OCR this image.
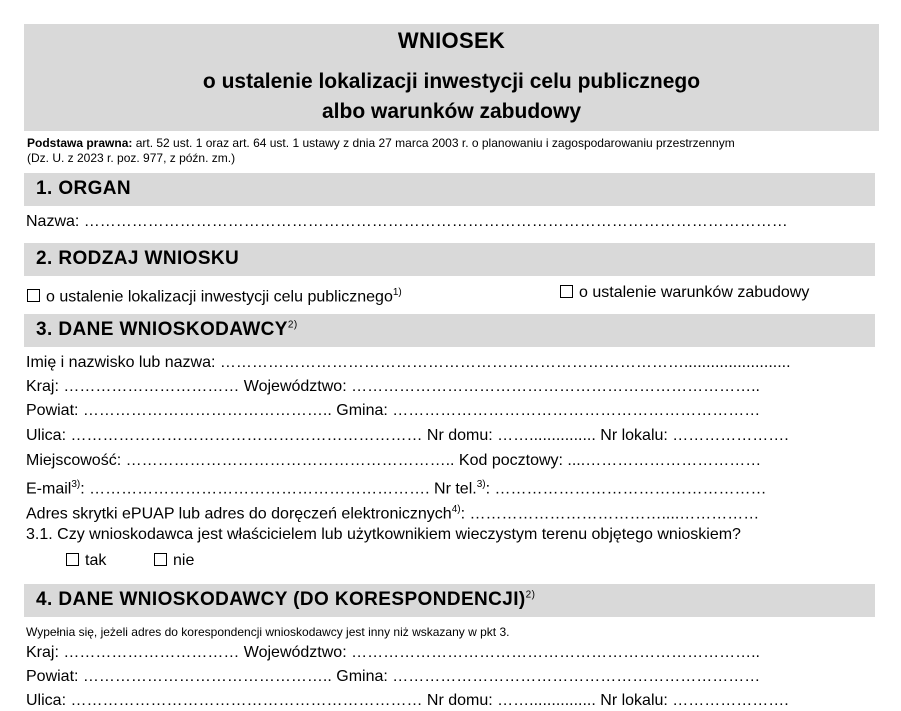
WNIOSEK
o ustalenie lokalizacji inwestycji celu publicznego
albo warunków zabudowy
Podstawa prawna: art. 52 ust. 1 oraz art. 64 ust. 1 ustawy z dnia 27 marca 2003 r. o planowaniu i zagospodarowaniu przestrzennym
(Dz. U. z 2023 r. poz. 977, z późn. zm.)
1. ORGAN
Nazwa: ……………………………………………………………………………………………………………………
2. RODZAJ WNIOSKU
o ustalenie lokalizacji inwestycji celu publicznego$^{1)}$	o ustalenie warunków zabudowy
3. DANE WNIOSKODAWCY$^{2)}$
Imię i nazwisko lub nazwa: ……………………………………………………………………………........................
Kraj: …………………………… Województwo: …………………………………………………………………..
Powiat: ……………………………………….. Gmina: ……………………………………………………………
Ulica: ………………………………………………………… Nr domu: ……............... Nr lokalu: ………………….
Miejscowość: …………………………………………………….. Kod pocztowy: ....……………………………
E-mail$^{3)}$: ………………………………………………………. Nr tel.$^{3)}$: ……………………………………………
Adres skrytki ePUAP lub adres do doręczeń elektronicznych$^{4)}$: ………………………………....……………
3.1. Czy wnioskodawca jest właścicielem lub użytkownikiem wieczystym terenu objętego wnioskiem?
tak	nie
4. DANE WNIOSKODAWCY (DO KORESPONDENCJI)$^{2)}$
Wypełnia się, jeżeli adres do korespondencji wnioskodawcy jest inny niż wskazany w pkt 3.
Kraj: …………………………… Województwo: …………………………………………………………………..
Powiat: ……………………………………….. Gmina: ……………………………………………………………
Ulica: ………………………………………………………… Nr domu: ……............... Nr lokalu: ………………….
